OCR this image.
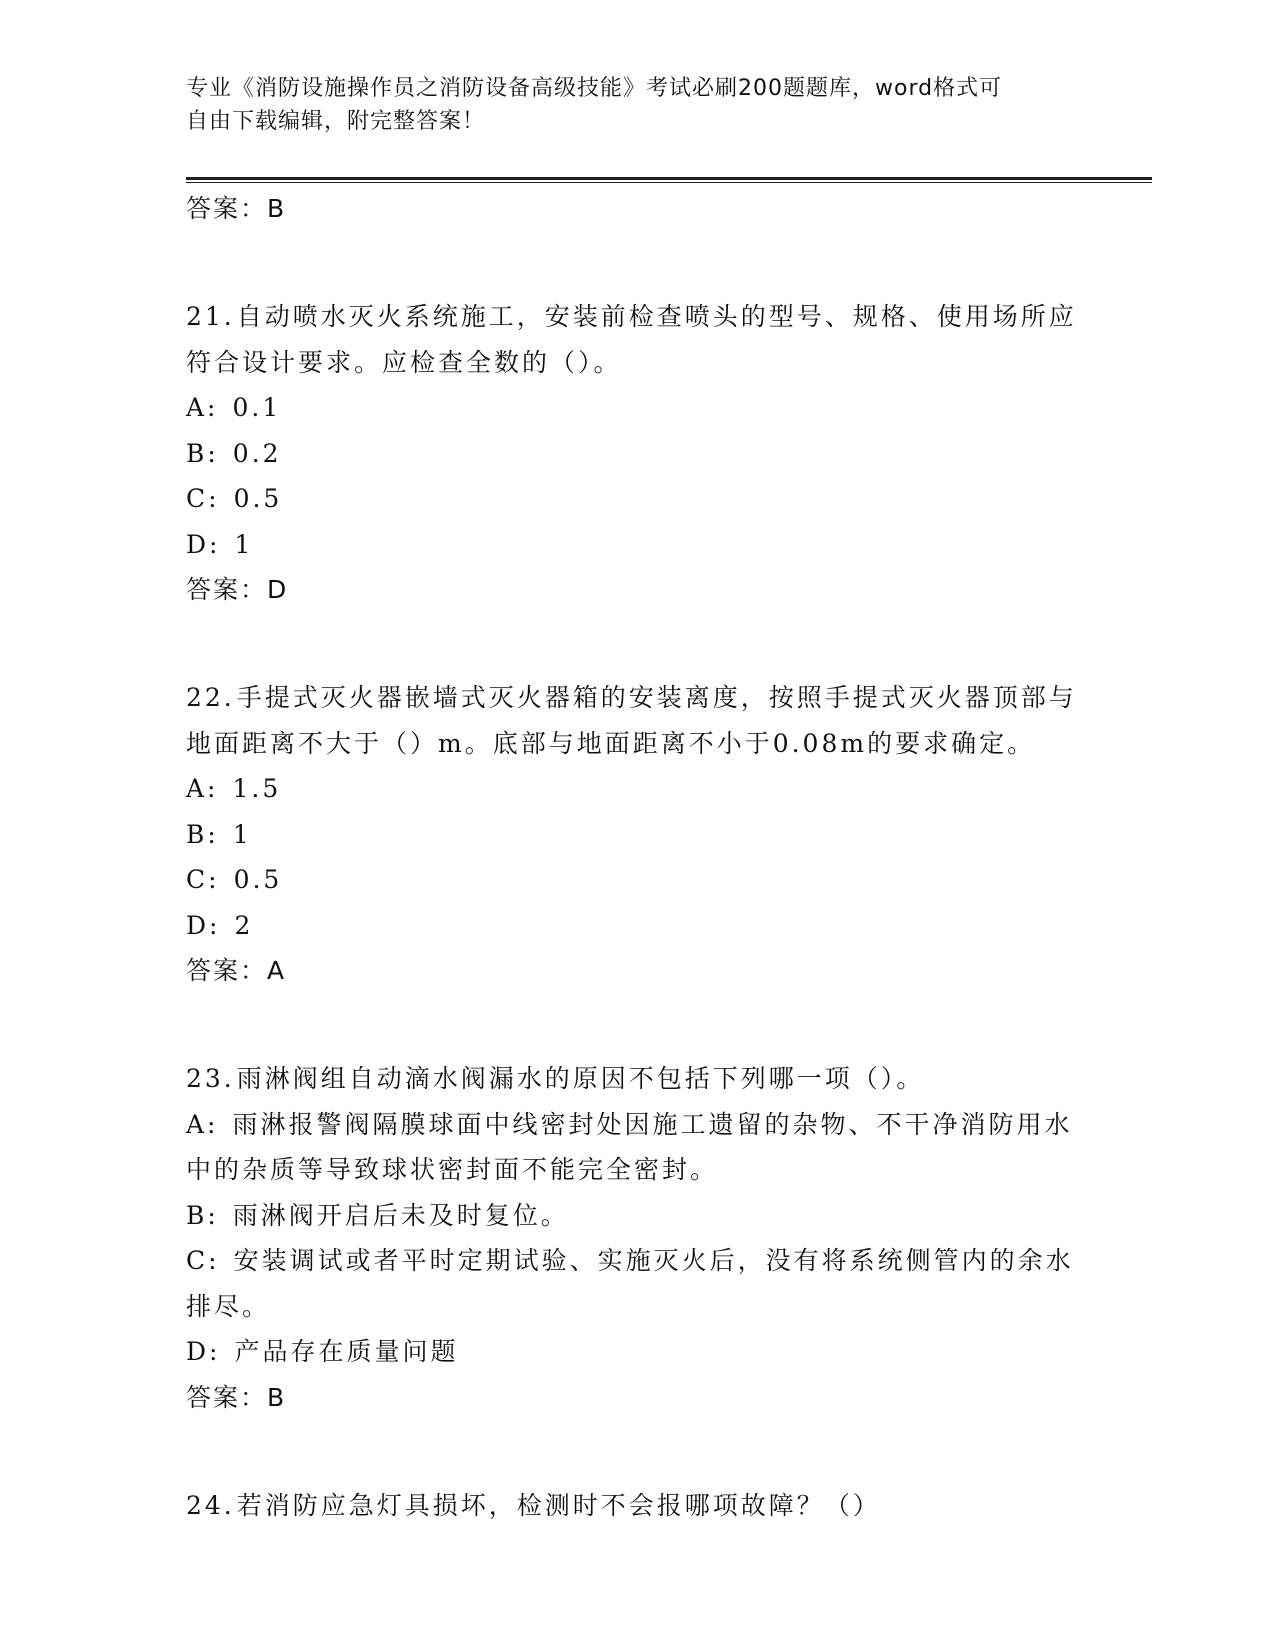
专业《消防设施操作员之消防设备高级技能》考试必刷200题题库，word格式可
自由下载编辑，附完整答案！
答案：B
21.自动喷水灭火系统施工，安装前检查喷头的型号、规格、使用场所应符合设计要求。应检查全数的（）。
A: 0.1
B: 0.2
C: 0.5
D: 1
答案：D
22.手提式灭火器嵌墙式灭火器箱的安装离度，按照手提式灭火器顶部与地面距离不大于（）m。底部与地面距离不小于0.08m的要求确定。
A: 1.5
B: 1
C: 0.5
D: 2
答案：A
23.雨淋阀组自动滴水阀漏水的原因不包括下列哪一项（）。
A: 雨淋报警阀隔膜球面中线密封处因施工遗留的杂物、不干净消防用水中的杂质等导致球状密封面不能完全密封。
B: 雨淋阀开启后未及时复位。
C: 安装调试或者平时定期试验、实施灭火后，没有将系统侧管内的余水排尽。
D: 产品存在质量问题
答案：B
24.若消防应急灯具损坏，检测时不会报哪项故障？（）
